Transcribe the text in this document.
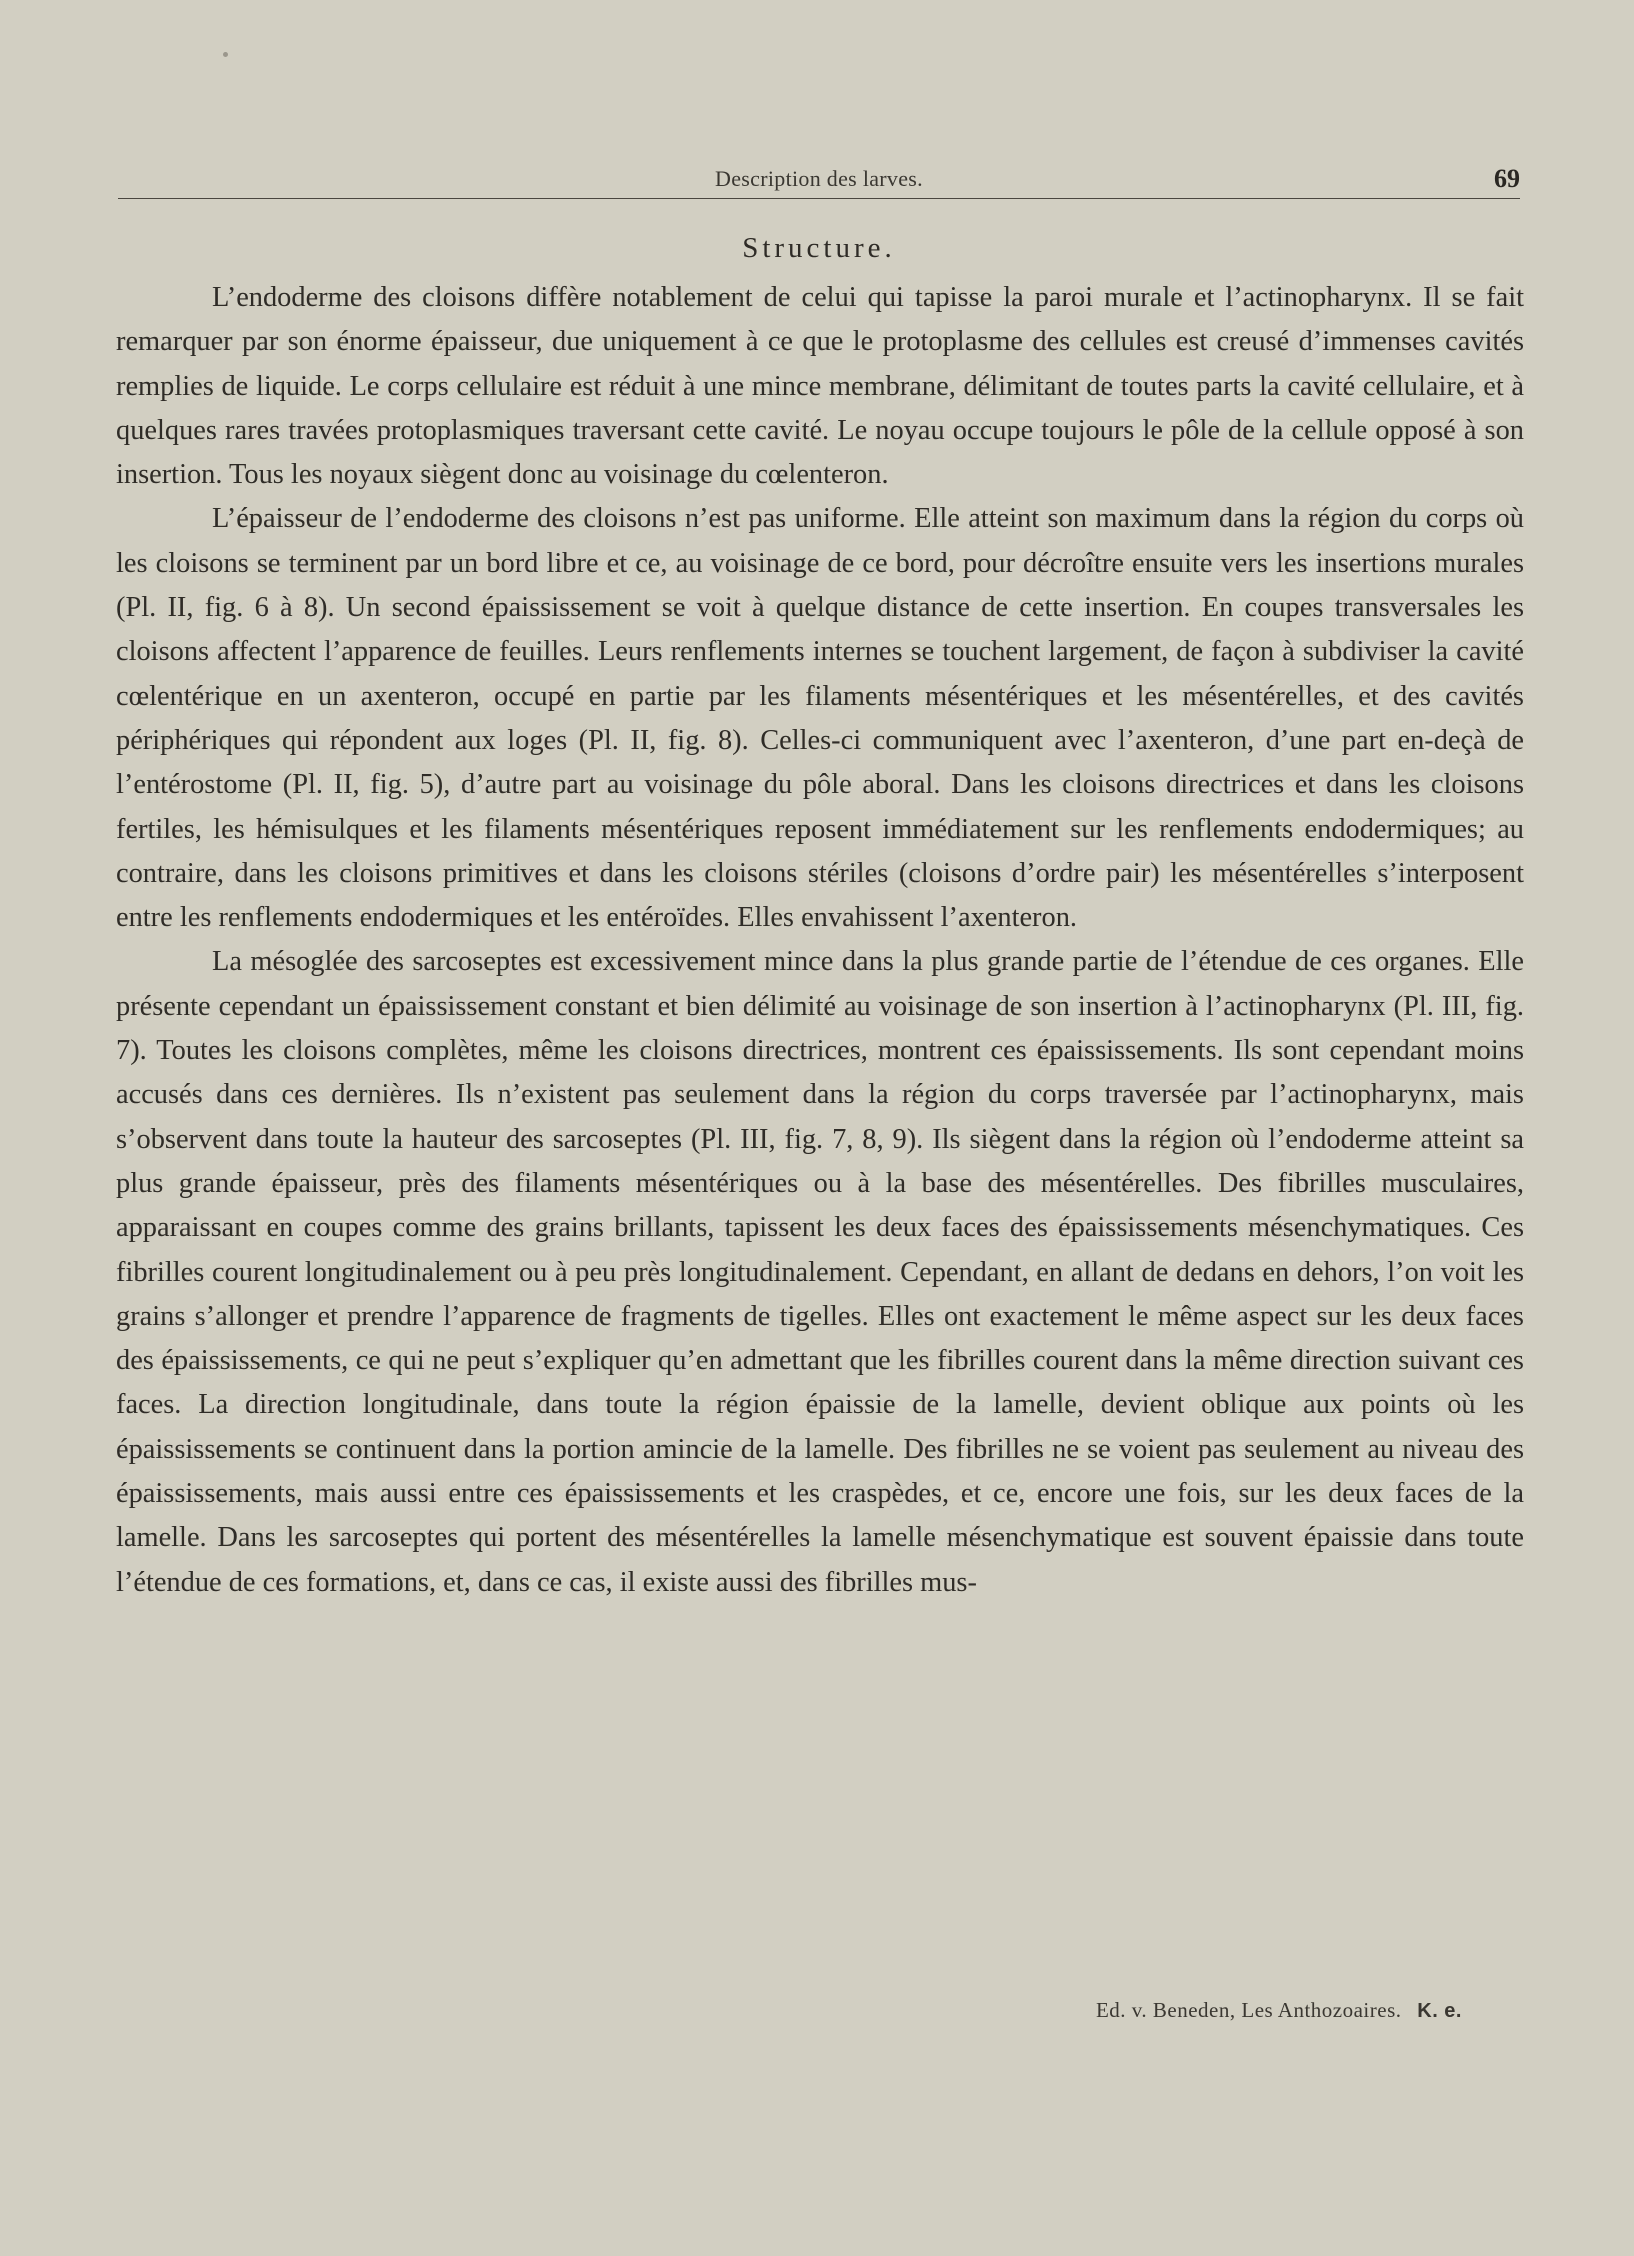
Description des larves.	69
Structure.

L’endoderme des cloisons diffère notablement de celui qui tapisse la paroi murale et l’actinopharynx. Il se fait remarquer par son énorme épaisseur, due uniquement à ce que le protoplasme des cellules est creusé d’immenses cavités remplies de liquide. Le corps cellulaire est réduit à une mince membrane, délimitant de toutes parts la cavité cellulaire, et à quelques rares travées protoplasmiques traversant cette cavité. Le noyau occupe toujours le pôle de la cellule opposé à son insertion. Tous les noyaux siègent donc au voisinage du cœlenteron.

L’épaisseur de l’endoderme des cloisons n’est pas uniforme. Elle atteint son maximum dans la région du corps où les cloisons se terminent par un bord libre et ce, au voisinage de ce bord, pour décroître ensuite vers les insertions murales (Pl. II, fig. 6 à 8). Un second épaississement se voit à quelque distance de cette insertion. En coupes transversales les cloisons affectent l’apparence de feuilles. Leurs renflements internes se touchent largement, de façon à subdiviser la cavité cœlentérique en un axenteron, occupé en partie par les filaments mésentériques et les mésentérelles, et des cavités périphériques qui répondent aux loges (Pl. II, fig. 8). Celles-ci communiquent avec l’axenteron, d’une part en-deçà de l’entérostome (Pl. II, fig. 5), d’autre part au voisinage du pôle aboral. Dans les cloisons directrices et dans les cloisons fertiles, les hémisulques et les filaments mésentériques reposent immédiatement sur les renflements endodermiques; au contraire, dans les cloisons primitives et dans les cloisons stériles (cloisons d’ordre pair) les mésentérelles s’interposent entre les renflements endodermiques et les entéroïdes. Elles envahissent l’axenteron.

La mésoglée des sarcoseptes est excessivement mince dans la plus grande partie de l’étendue de ces organes. Elle présente cependant un épaississement constant et bien délimité au voisinage de son insertion à l’actinopharynx (Pl. III, fig. 7). Toutes les cloisons complètes, même les cloisons directrices, montrent ces épaississements. Ils sont cependant moins accusés dans ces dernières. Ils n’existent pas seulement dans la région du corps traversée par l’actinopharynx, mais s’observent dans toute la hauteur des sarcoseptes (Pl. III, fig. 7, 8, 9). Ils siègent dans la région où l’endoderme atteint sa plus grande épaisseur, près des filaments mésentériques ou à la base des mésentérelles. Des fibrilles musculaires, apparaissant en coupes comme des grains brillants, tapissent les deux faces des épaississements mésenchymatiques. Ces fibrilles courent longitudinalement ou à peu près longitudinalement. Cependant, en allant de dedans en dehors, l’on voit les grains s’allonger et prendre l’apparence de fragments de tigelles. Elles ont exactement le même aspect sur les deux faces des épaississements, ce qui ne peut s’expliquer qu’en admettant que les fibrilles courent dans la même direction suivant ces faces. La direction longitudinale, dans toute la région épaissie de la lamelle, devient oblique aux points où les épaississements se continuent dans la portion amincie de la lamelle. Des fibrilles ne se voient pas seulement au niveau des épaississements, mais aussi entre ces épaississements et les craspèdes, et ce, encore une fois, sur les deux faces de la lamelle. Dans les sarcoseptes qui portent des mésentérelles la lamelle mésenchymatique est souvent épaissie dans toute l’étendue de ces formations, et, dans ce cas, il existe aussi des fibrilles mus-

Ed. v. Beneden, Les Anthozoaires. K. e.
